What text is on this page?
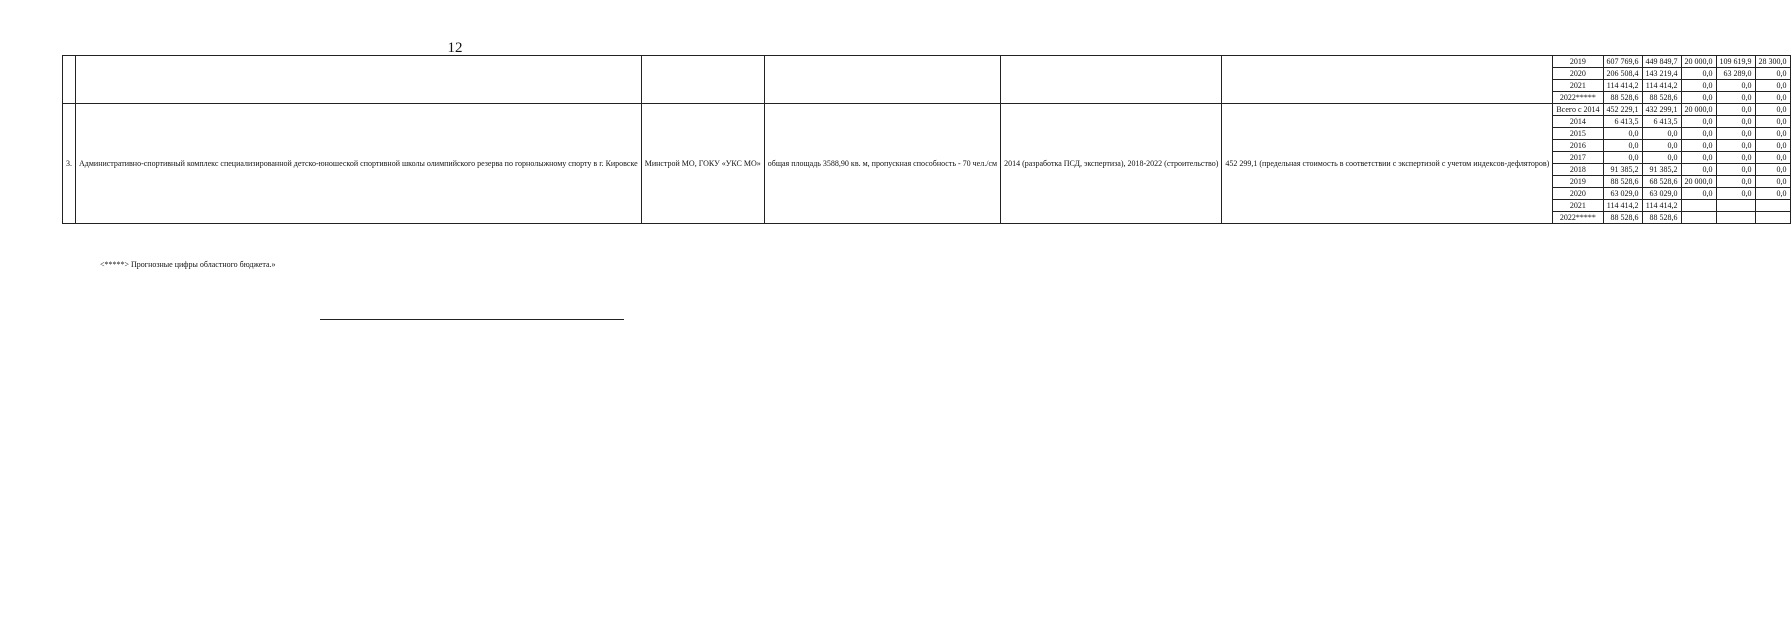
12
						2019	607 769,6	449 849,7	20 000,0	109 619,9	28 300,0
						2020	206 508,4	143 219,4	0,0	63 289,0	0,0
						2021	114 414,2	114 414,2	0,0	0,0	0,0
						2022*****	88 528,6	88 528,6	0,0	0,0	0,0
3.	Административно-спортивный комплекс специализированной детско-юношеской спортивной школы олимпийского резерва по горнолыжному спорту в г. Кировске	Минстрой МО, ГОКУ «УКС МО»	общая площадь 3588,90 кв. м, пропускная способность - 70 чел./см	2014 (разработка ПСД, экспертиза), 2018-2022 (строительство)	452 299,1 (предельная стоимость в соответствии с экспертизой с учетом индексов-дефляторов)	Всего с 2014	452 229,1	432 299,1	20 000,0	0,0	0,0
						2014	6 413,5	6 413,5	0,0	0,0	0,0
						2015	0,0	0,0	0,0	0,0	0,0
						2016	0,0	0,0	0,0	0,0	0,0
						2017	0,0	0,0	0,0	0,0	0,0
						2018	91 385,2	91 385,2	0,0	0,0	0,0
						2019	88 528,6	68 528,6	20 000,0	0,0	0,0
						2020	63 029,0	63 029,0	0,0	0,0	0,0
						2021	114 414,2	114 414,2			
						2022*****	88 528,6	88 528,6			
<*****> Прогнозные цифры областного бюджета.»
